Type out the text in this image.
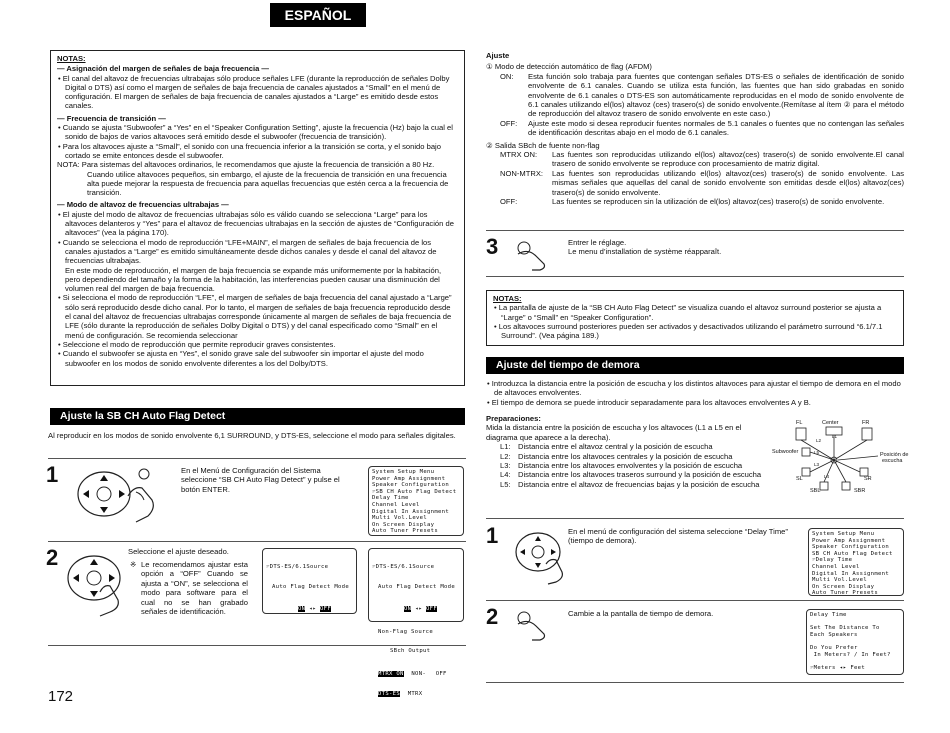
ESPAÑOL

NOTAS:

— Asignación del margen de señales de baja frecuencia —

• El canal del altavoz de frecuencias ultrabajas sólo produce señales LFE (durante la reproducción de señales Dolby Digital o DTS) así como el margen de señales de baja frecuencia de canales ajustados a “Small” en el menú de configuración. El margen de señales de baja frecuencia de canales ajustados a “Large” es emitido desde estos canales.

— Frecuencia de transición —

• Cuando se ajusta “Subwoofer” a “Yes” en el “Speaker Configuration Setting”, ajuste la frecuencia (Hz) bajo la cual el sonido de bajos de varios altavoces será emitido desde el subwoofer (frecuencia de transición).

• Para los altavoces ajuste a “Small”, el sonido con una frecuencia inferior a la transición se corta, y el sonido bajo cortado se emite entonces desde el subwoofer.

NOTA: Para sistemas del altavoces ordinarios, le recomendamos que ajuste la frecuencia de transición a 80 Hz. Cuando utilice altavoces pequeños, sin embargo, el ajuste de la frecuencia de transición en una frecuencia alta puede mejorar la respuesta de frecuencia para aquellas frecuencias que estén cerca a la frecuencia de transición.

— Modo de altavoz de frecuencias ultrabajas —

• El ajuste del modo de altavoz de frecuencias ultrabajas sólo es válido cuando se selecciona “Large” para los altavoces delanteros y “Yes” para el altavoz de frecuencias ultrabajas en la sección de ajustes de “Configuración de altavoces” (vea la página 170).

• Cuando se selecciona el modo de reproducción “LFE+MAIN”, el margen de señales de baja frecuencia de los canales ajustados a “Large” es emitido simultáneamente desde dichos canales y desde el canal del altavoz de frecuencias ultrabajas.

En este modo de reproducción, el margen de baja frecuencia se expande más uniformemente por la habitación, pero dependiendo del tamaño y la forma de la habitación, las interferencias pueden causar una disminución del volumen real del margen de baja frecuencia.

• Si selecciona el modo de reproducción “LFE”, el margen de señales de baja frecuencia del canal ajustado a “Large” sólo será reproducido desde dicho canal. Por lo tanto, el margen de señales de baja frecuencia reproducido desde el canal del altavoz de frecuencias ultrabajas corresponde únicamente al margen de señales de baja frecuencia de LFE (sólo durante la reproducción de señales Dolby Digital o DTS) y del canal especificado como “Small” en el menú de configuración. Se recomienda seleccionar

• Seleccione el modo de reproducción que permite reproducir graves consistentes.

• Cuando el subwoofer se ajusta en “Yes”, el sonido grave sale del subwoofer sin importar el ajuste del modo subwoofer en los modos de sonido envolvente diferentes a los del Dolby/DTS.

Ajuste la SB CH Auto Flag Detect
Al reproducir en los modos de sonido envolvente 6,1 SURROUND, y DTS-ES, seleccione el modo para señales digitales.
1	En el Menú de Configuración del Sistema seleccione “SB CH Auto Flag Detect” y pulse el botón ENTER.
System Setup Menu
Power Amp Assignment
Speaker Configuration
☞SB CH Auto Flag Detect
Delay Time
Channel Level
Digital In Assignment
Multi Vol.Level
On Screen Display
Auto Tuner Presets
2	Seleccione el ajuste deseado.
※ Le recomendamos ajustar esta opción a “OFF” Cuando se ajusta a “ON”, se selecciona el modo para software para el cual no se han grabado señales de identificación.

☞DTS-ES/6.1Source

Auto Flag Detect Mode

ON ◂▸ OFF

☞DTS-ES/6.1Source

Auto Flag Detect Mode

ON ◂▸ OFF

Non-Flag Source

SBch Output

MTRX ON NON- OFF

DTS-ES MTRX

172

Ajuste

① Modo de detección automático de flag (AFDM)

ON:	Esta función solo trabaja para fuentes que contengan señales DTS-ES o señales de identificación de sonido envolvente de 6.1 canales. Cuando se utiliza esta función, las fuentes que han sido grabadas en sonido envolvente de 6.1 canales o DTS-ES son automáticamente reproducidas en el modo de sonido envolvente de 6.1 canales utilizando el(los) altavoz (ces) trasero(s) de sonido envolvente.(Remítase al ítem ② para el método de reproducción del altavoz trasero de sonido envolvente en este caso.)
OFF:	Ajuste este modo si desea reproducir fuentes normales de 5.1 canales o fuentes que no contengan las señales de identificación descritas abajo en el modo de 6.1 canales.

② Salida SBch de fuente non-flag

MTRX ON:	Las fuentes son reproducidas utilizando el(los) altavoz(ces) trasero(s) de sonido envolvente.El canal trasero de sonido envolvente se reproduce con procesamiento de matriz digital.
NON-MTRX:	Las fuentes son reproducidas utilizando el(los) altavoz(ces) trasero(s) de sonido envolvente. Las mismas señales que aquellas del canal de sonido envolvente son emitidas desde el(los) altavoz(ces) trasero(s) de sonido envolvente.
OFF:	Las fuentes se reproducen sin la utilización de el(los) altavoz(ces) trasero(s) de sonido envolvente.
3	Entrer le réglage.

Le menu d’installation de système réapparaît.

NOTAS:

• La pantalla de ajuste de la “SB CH Auto Flag Detect” se visualiza cuando el altavoz surround posterior se ajusta a “Large” o “Small” en “Speaker Configuration”.

• Los altavoces surround posteriores pueden ser activados y desactivados utilizando el parámetro surround “6.1/7.1 Surround”. (Vea página 189.)

Ajuste del tiempo de demora

• Introduzca la distancia entre la posición de escucha y los distintos altavoces para ajustar el tiempo de demora en el modo de altavoces envolventes.

• El tiempo de demora se puede introducir separadamente para los altavoces envolventes A y B.

Preparaciones:

Mida la distancia entre la posición de escucha y los altavoces (L1 a L5 en el diagrama que aparece a la derecha).

L1: Distancia entre el altavoz central y la posición de escucha
L2: Distancia entre los altavoces centrales y la posición de escucha
L3: Distancia entre los altavoces envolventes y la posición de escucha
L4: Distancia entre los altavoces traseros surround y la posición de escucha
L5: Distancia entre el altavoz de frecuencias bajas y la posición de escucha
FL	Center	FR
Subwoofer	Posición de
escucha
SL	SR
SBL	SBR
L1
L2
L3
L4
L5
1	En el menú de configuración del sistema seleccione “Delay Time” (tiempo de demora).
System Setup Menu
Power Amp Assignment
Speaker Configuration
SB CH Auto Flag Detect
☞Delay Time
Channel Level
Digital In Assignment
Multi Vol.Level
On Screen Display
Auto Tuner Presets
2	Cambie a la pantalla de tiempo de demora.	Delay Time

Set The Distance To
Each Speakers

Do You Prefer
In Meters? / In Feet?

☞Meters ◂▸ Feet
